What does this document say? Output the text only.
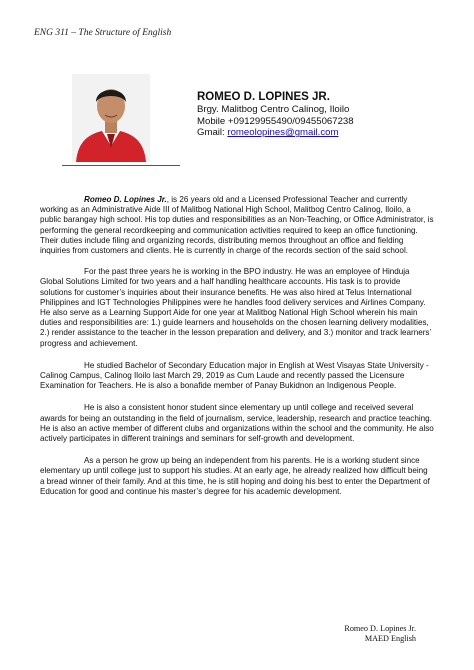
ENG 311 – The Structure of English
ROMEO D. LOPINES JR.
Brgy. Malitbog Centro Calinog, Iloilo
Mobile +09129955490/09455067238
Gmail: romeolopines@gmail.com

Romeo D. Lopines Jr., is 26 years old and a Licensed Professional Teacher and currently working as an Administrative Aide III of Malitbog National High School, Malitbog Centro Calinog, Iloilo, a public barangay high school. His top duties and responsibilities as an Non-Teaching, or Office Administrator, is performing the general recordkeeping and communication activities required to keep an office functioning. Their duties include filing and organizing records, distributing memos throughout an office and fielding inquiries from customers and clients. He is currently in charge of the records section of the said school.

For the past three years he is working in the BPO industry. He was an employee of Hinduja Global Solutions Limited for two years and a half handling healthcare accounts. His task is to provide solutions for customer’s inquiries about their insurance benefits. He was also hired at Telus International Philippines and IGT Technologies Philippines were he handles food delivery services and Airlines Company. He also serve as a Learning Support Aide for one year at Malitbog National High School wherein his main duties and responsibilities are: 1.) guide learners and households on the chosen learning delivery modalities, 2.) render assistance to the teacher in the lesson preparation and delivery, and 3.) monitor and track learners’ progress and achievement.

He studied Bachelor of Secondary Education major in English at West Visayas State University - Calinog Campus, Calinog Iloilo last March 29, 2019 as Cum Laude and recently passed the Licensure Examination for Teachers. He is also a bonafide member of Panay Bukidnon an Indigenous People.

He is also a consistent honor student since elementary up until college and received several awards for being an outstanding in the field of journalism, service, leadership, research and practice teaching. He is also an active member of different clubs and organizations within the school and the community. He also actively participates in different trainings and seminars for self-growth and development.

As a person he grow up being an independent from his parents. He is a working student since elementary up until college just to support his studies. At an early age, he already realized how difficult being a bread winner of their family. And at this time, he is still hoping and doing his best to enter the Department of Education for good and continue his master’s degree for his academic development.

Romeo D. Lopines Jr.
MAED English
